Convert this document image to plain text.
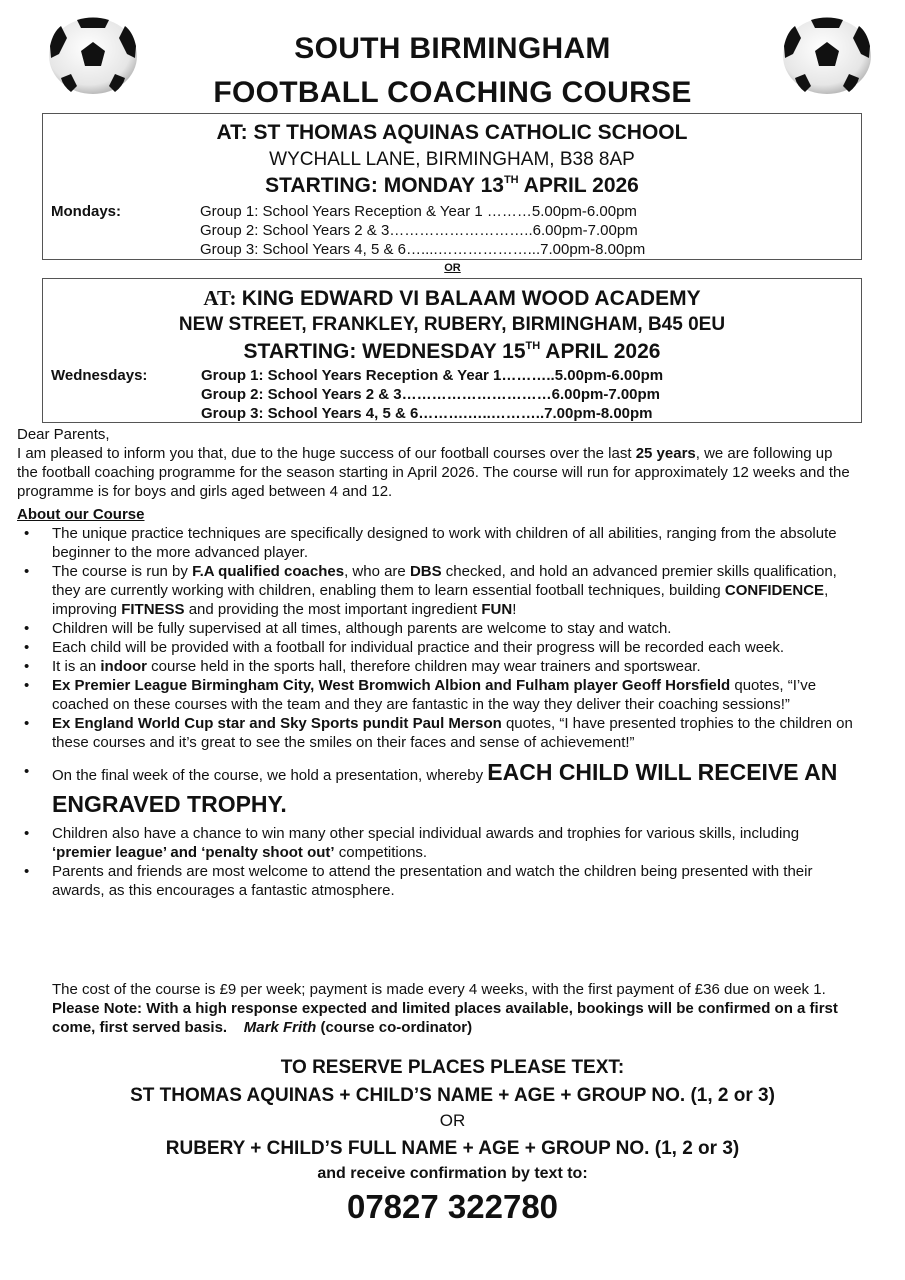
SOUTH BIRMINGHAM
FOOTBALL COACHING COURSE
AT: ST THOMAS AQUINAS CATHOLIC SCHOOL
WYCHALL LANE, BIRMINGHAM, B38 8AP
STARTING: MONDAY 13TH APRIL 2026
Mondays:	Group 1: School Years Reception & Year 1 ………5.00pm-6.00pm
Group 2: School Years 2 & 3………………………..6.00pm-7.00pm
Group 3: School Years 4, 5 & 6…....………………...7.00pm-8.00pm
OR
AT: KING EDWARD VI BALAAM WOOD ACADEMY
NEW STREET, FRANKLEY, RUBERY, BIRMINGHAM, B45 0EU
STARTING: WEDNESDAY 15TH APRIL 2026
Wednesdays:	Group 1: School Years Reception & Year 1………..5.00pm-6.00pm
Group 2: School Years 2 & 3…………………………6.00pm-7.00pm
Group 3: School Years 4, 5 & 6……….…..………..7.00pm-8.00pm
Dear Parents,
I am pleased to inform you that, due to the huge success of our football courses over the last 25 years, we are following up the football coaching programme for the season starting in April 2026. The course will run for approximately 12 weeks and the programme is for boys and girls aged between 4 and 12.
About our Course
• The unique practice techniques are specifically designed to work with children of all abilities, ranging from the absolute beginner to the more advanced player.
• The course is run by F.A qualified coaches, who are DBS checked, and hold an advanced premier skills qualification, they are currently working with children, enabling them to learn essential football techniques, building CONFIDENCE, improving FITNESS and providing the most important ingredient FUN!
• Children will be fully supervised at all times, although parents are welcome to stay and watch.
• Each child will be provided with a football for individual practice and their progress will be recorded each week.
• It is an indoor course held in the sports hall, therefore children may wear trainers and sportswear.
• Ex Premier League Birmingham City, West Bromwich Albion and Fulham player Geoff Horsfield quotes, “I’ve coached on these courses with the team and they are fantastic in the way they deliver their coaching sessions!”
• Ex England World Cup star and Sky Sports pundit Paul Merson quotes, “I have presented trophies to the children on these courses and it’s great to see the smiles on their faces and sense of achievement!”
• On the final week of the course, we hold a presentation, whereby EACH CHILD WILL RECEIVE AN ENGRAVED TROPHY.
• Children also have a chance to win many other special individual awards and trophies for various skills, including ‘premier league’ and ‘penalty shoot out’ competitions.
• Parents and friends are most welcome to attend the presentation and watch the children being presented with their awards, as this encourages a fantastic atmosphere.
The cost of the course is £9 per week; payment is made every 4 weeks, with the first payment of £36 due on week 1. Please Note: With a high response expected and limited places available, bookings will be confirmed on a first come, first served basis. Mark Frith (course co-ordinator)
TO RESERVE PLACES PLEASE TEXT:
ST THOMAS AQUINAS + CHILD’S NAME + AGE + GROUP NO. (1, 2 or 3)
OR
RUBERY + CHILD’S FULL NAME + AGE + GROUP NO. (1, 2 or 3)
and receive confirmation by text to:
07827 322780
